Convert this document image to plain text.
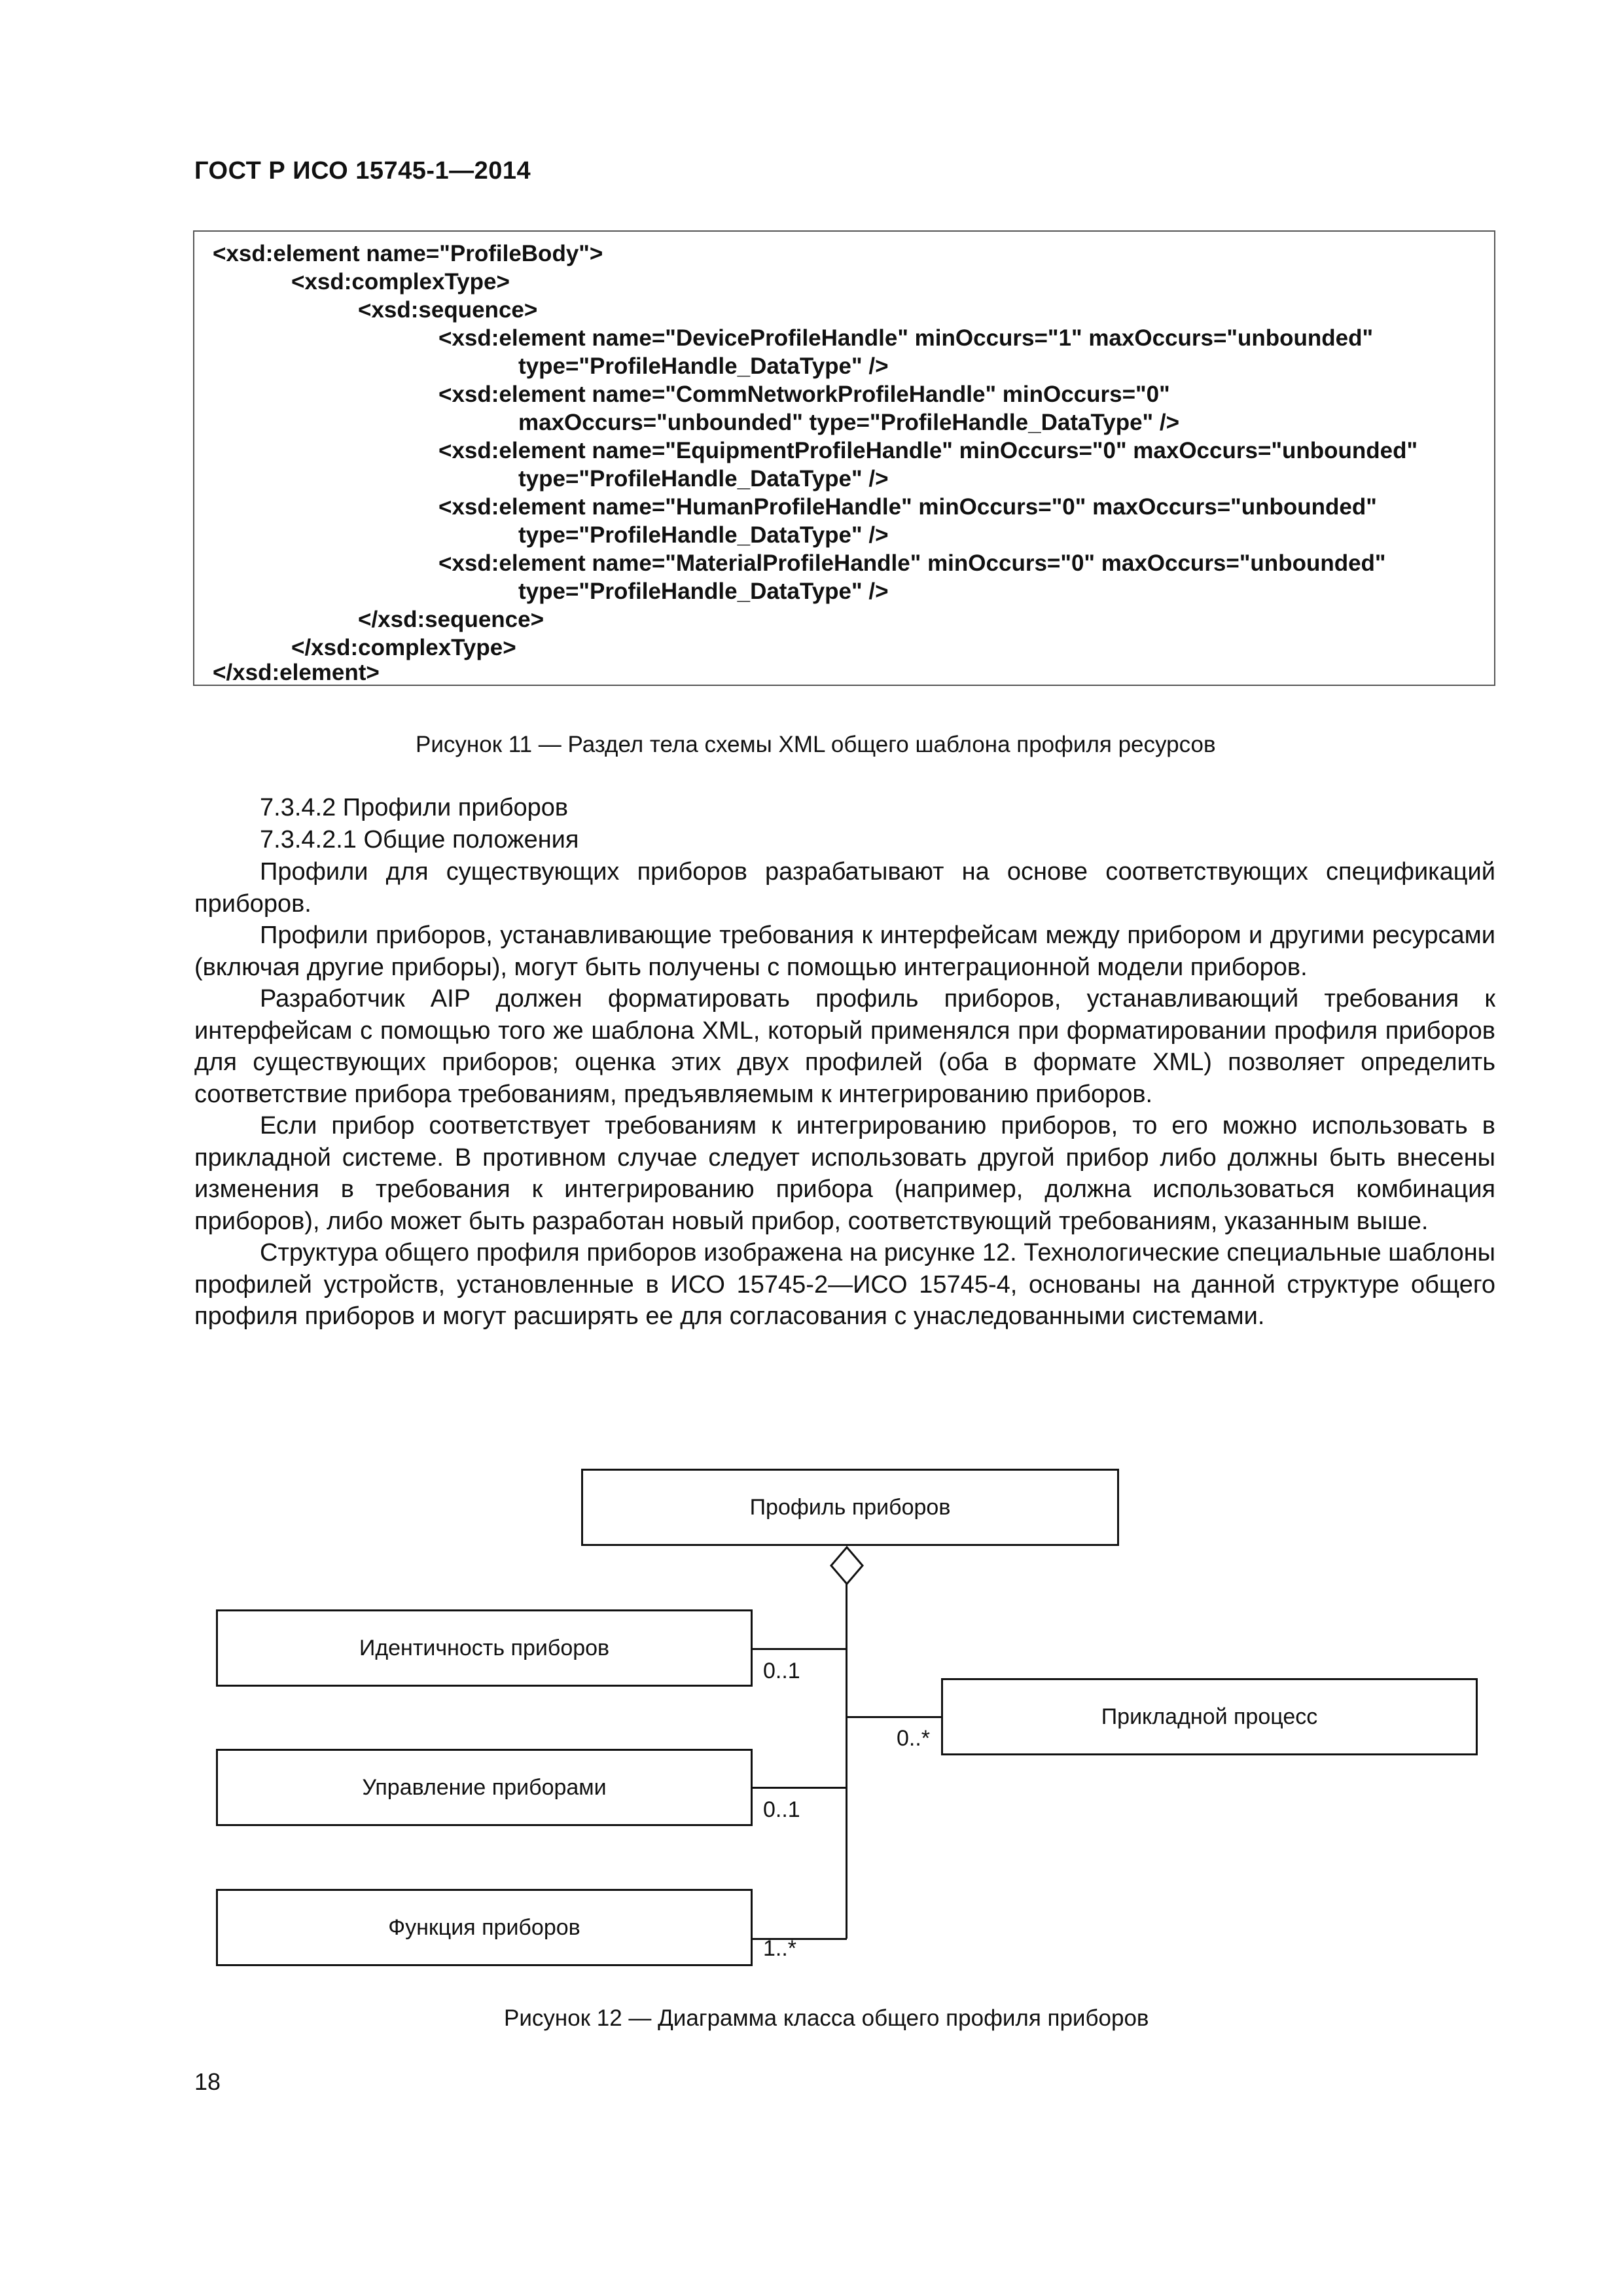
ГОСТ Р ИСО 15745-1—2014
<xsd:element name="ProfileBody">
<xsd:complexType>
<xsd:sequence>
<xsd:element name="DeviceProfileHandle" minOccurs="1" maxOccurs="unbounded"
type="ProfileHandle_DataType" />
<xsd:element name="CommNetworkProfileHandle" minOccurs="0"
maxOccurs="unbounded" type="ProfileHandle_DataType" />
<xsd:element name="EquipmentProfileHandle" minOccurs="0" maxOccurs="unbounded"
type="ProfileHandle_DataType" />
<xsd:element name="HumanProfileHandle" minOccurs="0" maxOccurs="unbounded"
type="ProfileHandle_DataType" />
<xsd:element name="MaterialProfileHandle" minOccurs="0" maxOccurs="unbounded"
type="ProfileHandle_DataType" />
</xsd:sequence>
</xsd:complexType>
</xsd:element>
Рисунок 11 — Раздел тела схемы XML общего шаблона профиля ресурсов
7.3.4.2 Профили приборов
7.3.4.2.1 Общие положения

Профили для существующих приборов разрабатывают на основе соответствующих спецификаций приборов.

Профили приборов, устанавливающие требования к интерфейсам между прибором и другими ресурсами (включая другие приборы), могут быть получены с помощью интеграционной модели приборов.

Разработчик AIP должен форматировать профиль приборов, устанавливающий требования к интерфейсам с помощью того же шаблона XML, который применялся при форматировании профиля приборов для существующих приборов; оценка этих двух профилей (оба в формате XML) позволяет определить соответствие прибора требованиям, предъявляемым к интегрированию приборов.

Если прибор соответствует требованиям к интегрированию приборов, то его можно использовать в прикладной системе. В противном случае следует использовать другой прибор либо должны быть внесены изменения в требования к интегрированию прибора (например, должна использоваться комбинация приборов), либо может быть разработан новый прибор, соответствующий требованиям, указанным выше.

Структура общего профиля приборов изображена на рисунке 12. Технологические специальные шаблоны профилей устройств, установленные в ИСО 15745-2—ИСО 15745-4, основаны на данной структуре общего профиля приборов и могут расширять ее для согласования с унаследованными системами.

Профиль приборов
Идентичность приборов
0..1
Управление приборами
0..1
Функция приборов
1..*
Прикладной процесс
0..*
Рисунок 12 — Диаграмма класса общего профиля приборов
18
